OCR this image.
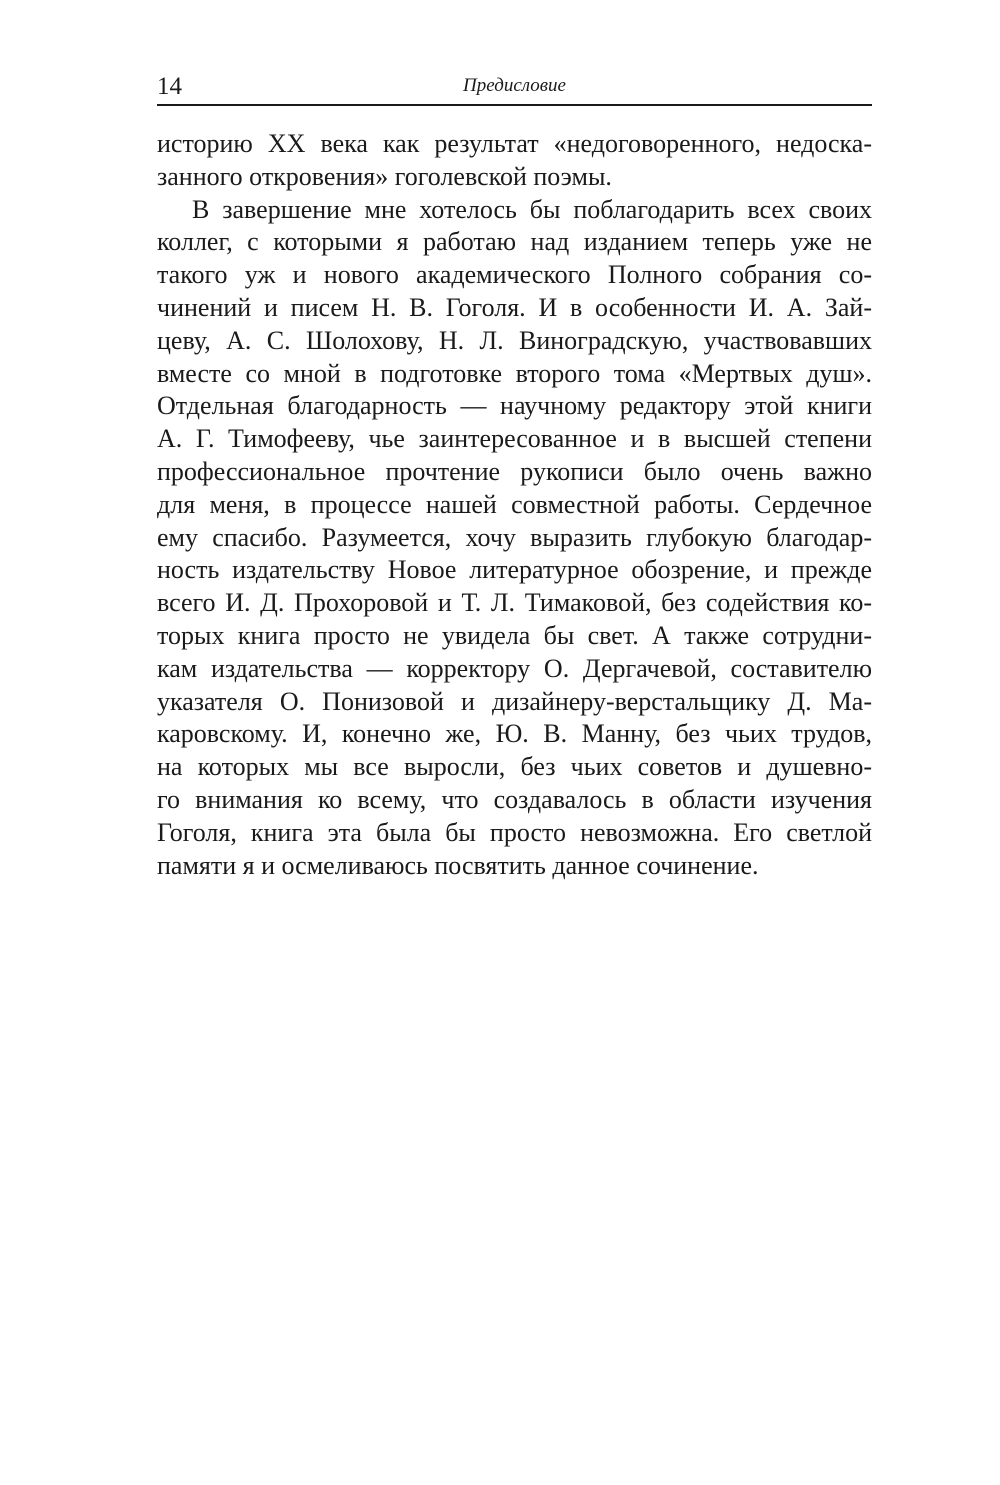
14	Предисловие
историю XX века как результат «недоговоренного, недоска-
занного откровения» гоголевской поэмы.
В завершение мне хотелось бы поблагодарить всех своих
коллег, с которыми я работаю над изданием теперь уже не
такого уж и нового академического Полного собрания со-
чинений и писем Н. В. Гоголя. И в особенности И. А. Зай-
цеву, А. С. Шолохову, Н. Л. Виноградскую, участвовавших
вместе со мной в подготовке второго тома «Мертвых душ».
Отдельная благодарность — научному редактору этой книги
А. Г. Тимофееву, чье заинтересованное и в высшей степени
профессиональное прочтение рукописи было очень важно
для меня, в процессе нашей совместной работы. Сердечное
ему спасибо. Разумеется, хочу выразить глубокую благодар-
ность издательству Новое литературное обозрение, и прежде
всего И. Д. Прохоровой и Т. Л. Тимаковой, без содействия ко-
торых книга просто не увидела бы свет. А также сотрудни-
кам издательства — корректору О. Дергачевой, составителю
указателя О. Понизовой и дизайнеру-верстальщику Д. Ма-
каровскому. И, конечно же, Ю. В. Манну, без чьих трудов,
на которых мы все выросли, без чьих советов и душевно-
го внимания ко всему, что создавалось в области изучения
Гоголя, книга эта была бы просто невозможна. Его светлой
памяти я и осмеливаюсь посвятить данное сочинение.
